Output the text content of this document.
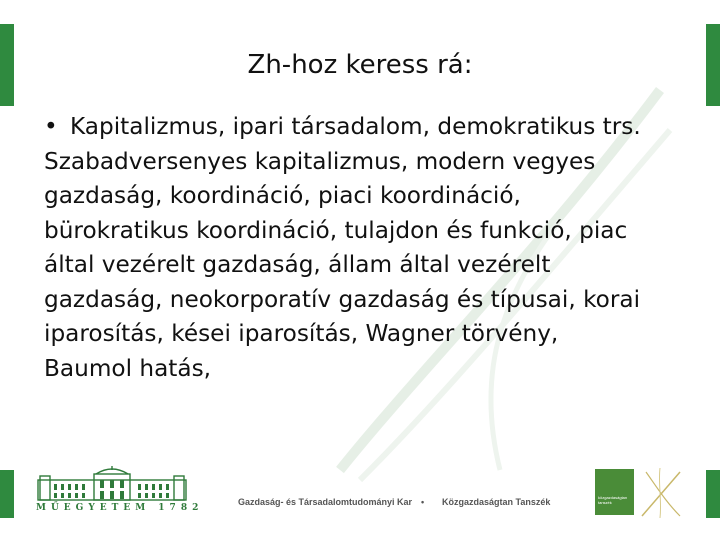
Zh-hoz keress rá:
• Kapitalizmus, ipari társadalom, demokratikus trs.
Szabadversenyes kapitalizmus, modern vegyes
gazdaság, koordináció, piaci koordináció,
bürokratikus koordináció, tulajdon és funkció, piac
által vezérelt gazdaság, állam által vezérelt
gazdaság, neokorporatív gazdaság és típusai, korai
iparosítás, kései iparosítás, Wagner törvény,
Baumol hatás,
MŰEGYETEM 1782
Gazdaság- és Társadalomtudományi Kar • Közgazdaságtan Tanszék	közgazdaságtan tanszék
